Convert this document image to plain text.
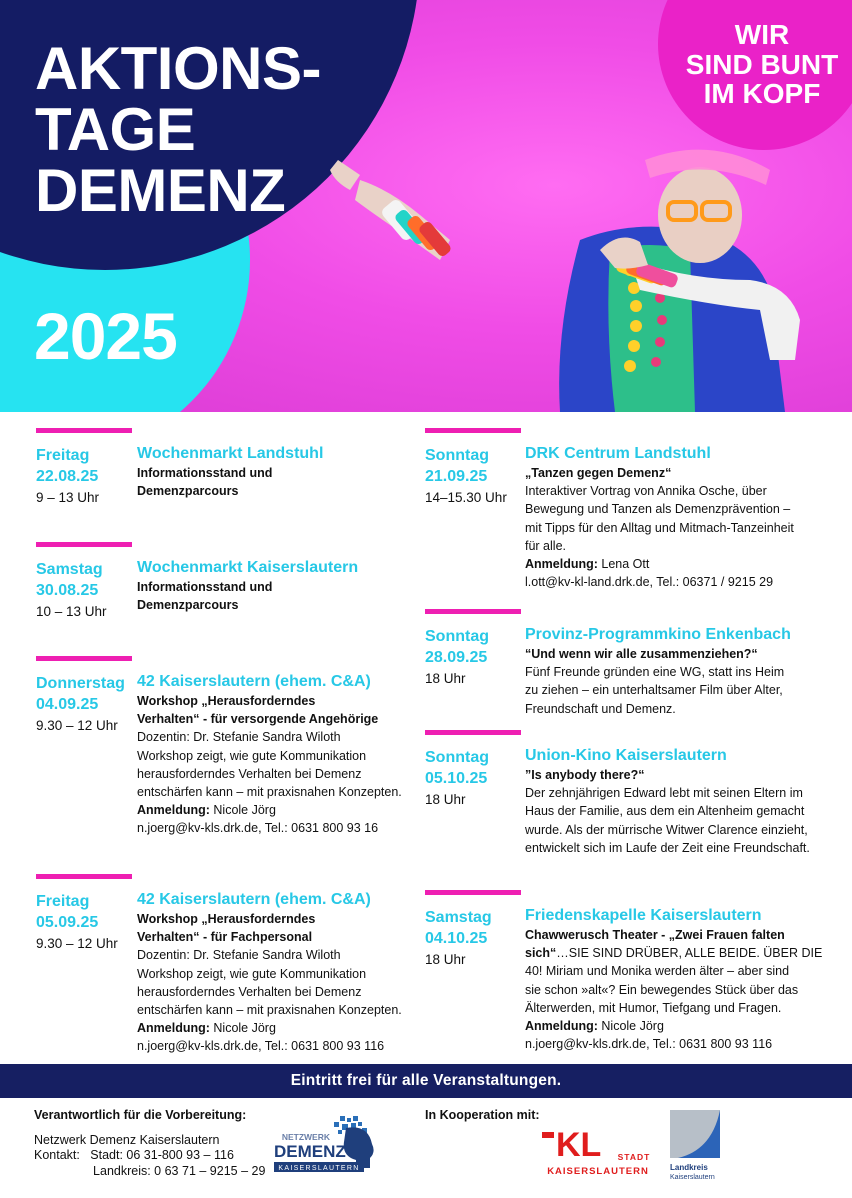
AKTIONS-
TAGE
DEMENZ
2025
WIR
SIND BUNT
IM KOPF
Freitag
22.08.25
9 – 13 Uhr
Wochenmarkt Landstuhl
Informationsstand und
Demenzparcours
Samstag
30.08.25
10 – 13 Uhr
Wochenmarkt Kaiserslautern
Informationsstand und
Demenzparcours
Donnerstag
04.09.25
9.30 – 12 Uhr
42 Kaiserslautern (ehem. C&A)
Workshop „Herausforderndes
Verhalten“ - für versorgende Angehörige
Dozentin: Dr. Stefanie Sandra Wiloth
Workshop zeigt, wie gute Kommunikation
herausforderndes Verhalten bei Demenz
entschärfen kann – mit praxisnahen Konzepten.
Anmeldung: Nicole Jörg
n.joerg@kv-kls.drk.de, Tel.: 0631 800 93 16
Freitag
05.09.25
9.30 – 12 Uhr
42 Kaiserslautern (ehem. C&A)
Workshop „Herausforderndes
Verhalten“ - für Fachpersonal
Dozentin: Dr. Stefanie Sandra Wiloth
Workshop zeigt, wie gute Kommunikation
herausforderndes Verhalten bei Demenz
entschärfen kann – mit praxisnahen Konzepten.
Anmeldung: Nicole Jörg
n.joerg@kv-kls.drk.de, Tel.: 0631 800 93 116
Sonntag
21.09.25
14–15.30 Uhr
DRK Centrum Landstuhl
„Tanzen gegen Demenz“
Interaktiver Vortrag von Annika Osche, über
Bewegung und Tanzen als Demenzprävention –
mit Tipps für den Alltag und Mitmach-Tanzeinheit
für alle.
Anmeldung: Lena Ott
l.ott@kv-kl-land.drk.de, Tel.: 06371 / 9215 29
Sonntag
28.09.25
18 Uhr
Provinz-Programmkino Enkenbach
“Und wenn wir alle zusammenziehen?“
Fünf Freunde gründen eine WG, statt ins Heim
zu ziehen – ein unterhaltsamer Film über Alter,
Freundschaft und Demenz.
Sonntag
05.10.25
18 Uhr
Union-Kino Kaiserslautern
”Is anybody there?“
Der zehnjährigen Edward lebt mit seinen Eltern im
Haus der Familie, aus dem ein Altenheim gemacht
wurde. Als der mürrische Witwer Clarence einzieht,
entwickelt sich im Laufe der Zeit eine Freundschaft.
Samstag
04.10.25
18 Uhr
Friedenskapelle Kaiserslautern
Chawwerusch Theater - „Zwei Frauen falten
sich“…SIE SIND DRÜBER, ALLE BEIDE. ÜBER DIE
40! Miriam und Monika werden älter – aber sind
sie schon »alt«? Ein bewegendes Stück über das
Älterwerden, mit Humor, Tiefgang und Fragen.
Anmeldung: Nicole Jörg
n.joerg@kv-kls.drk.de, Tel.: 0631 800 93 116
Eintritt frei für alle Veranstaltungen.
Verantwortlich für die Vorbereitung:
Netzwerk Demenz Kaiserslautern
Kontakt:   Stadt: 06 31-800 93 – 116
Landkreis: 0 63 71 – 9215 – 29
NETZWERK
DEMENZ
KAISERSLAUTERN
In Kooperation mit:
KL STADT
KAISERSLAUTERN	Landkreis
Kaiserslautern
